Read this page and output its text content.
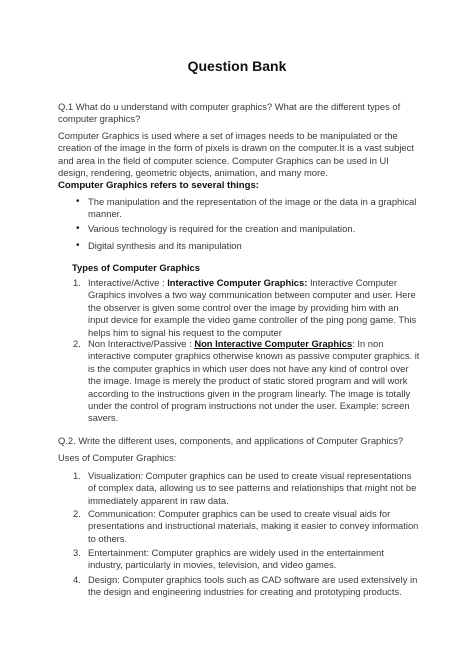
Question Bank
Q.1 What do u understand with computer graphics? What are the different types of computer graphics?
Computer Graphics is used where a set of images needs to be manipulated or the creation of the image in the form of pixels is drawn on the computer.It is a vast subject and area in the field of computer science. Computer Graphics can be used in UI design, rendering, geometric objects, animation, and many more.
Computer Graphics refers to several things:
• The manipulation and the representation of the image or the data in a graphical manner.
• Various technology is required for the creation and manipulation.
• Digital synthesis and its manipulation
Types of Computer Graphics
1. Interactive/Active : Interactive Computer Graphics: Interactive Computer Graphics involves a two way communication between computer and user. Here the observer is given some control over the image by providing him with an input device for example the video game controller of the ping pong game. This helps him to signal his request to the computer
2. Non Interactive/Passive : Non Interactive Computer Graphics: In non interactive computer graphics otherwise known as passive computer graphics. it is the computer graphics in which user does not have any kind of control over the image. Image is merely the product of static stored program and will work according to the instructions given in the program linearly. The image is totally under the control of program instructions not under the user. Example: screen savers.
Q.2. Write the different uses, components, and applications of Computer Graphics?
Uses of Computer Graphics:
1. Visualization: Computer graphics can be used to create visual representations of complex data, allowing us to see patterns and relationships that might not be immediately apparent in raw data.
2. Communication: Computer graphics can be used to create visual aids for presentations and instructional materials, making it easier to convey information to others.
3. Entertainment: Computer graphics are widely used in the entertainment industry, particularly in movies, television, and video games.
4. Design: Computer graphics tools such as CAD software are used extensively in the design and engineering industries for creating and prototyping products.
